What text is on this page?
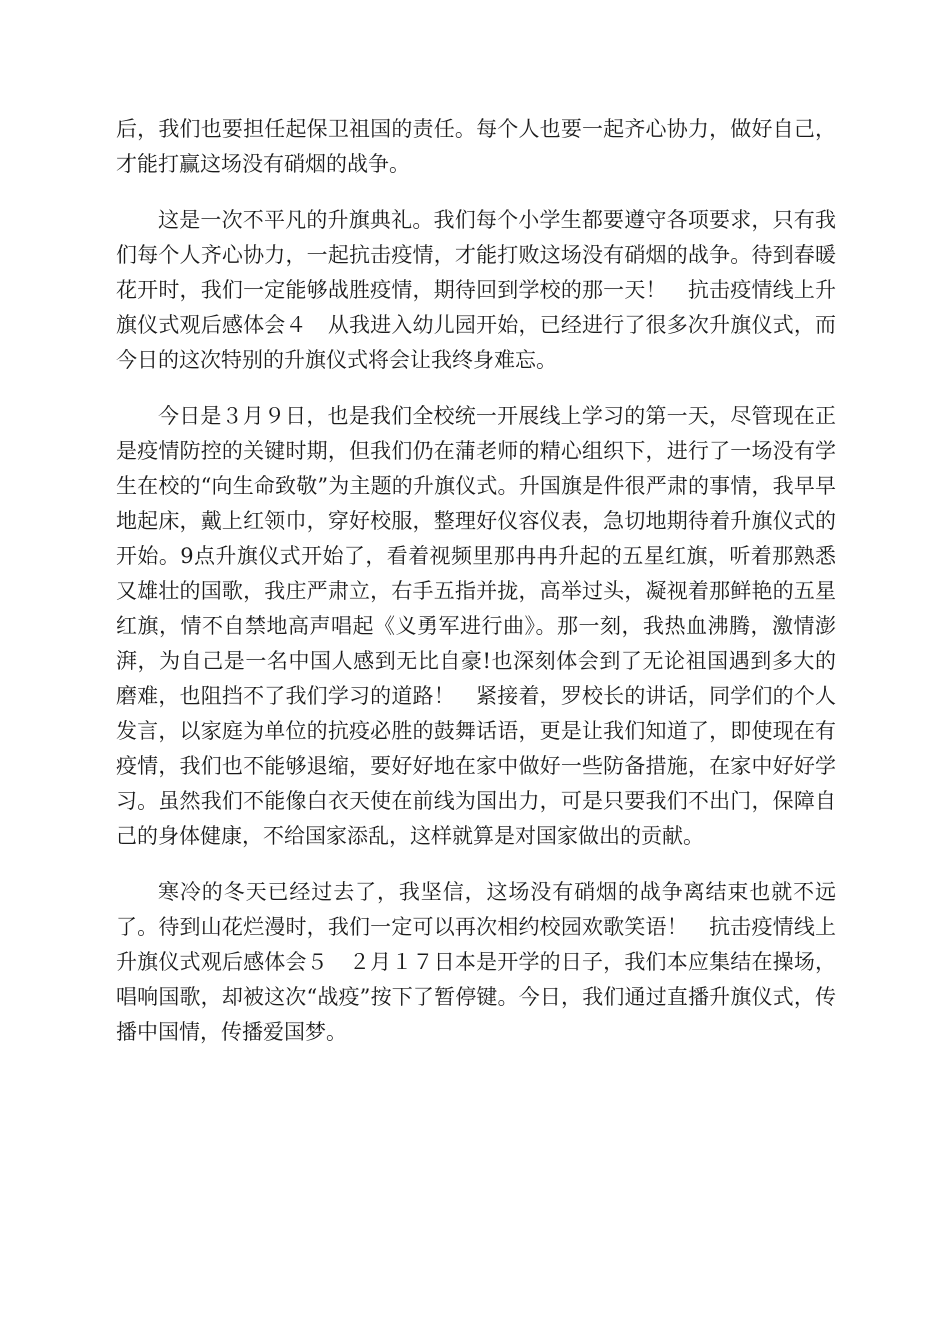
后，我们也要担任起保卫祖国的责任。每个人也要一起齐心协力，做好自己，才能打赢这场没有硝烟的战争。

这是一次不平凡的升旗典礼。我们每个小学生都要遵守各项要求，只有我们每个人齐心协力，一起抗击疫情，才能打败这场没有硝烟的战争。待到春暖花开时，我们一定能够战胜疫情，期待回到学校的那一天！　抗击疫情线上升旗仪式观后感体会４　从我进入幼儿园开始，已经进行了很多次升旗仪式，而今日的这次特别的升旗仪式将会让我终身难忘。

今日是３月９日，也是我们全校统一开展线上学习的第一天，尽管现在正是疫情防控的关键时期，但我们仍在蒲老师的精心组织下，进行了一场没有学生在校的“向生命致敬”为主题的升旗仪式。升国旗是件很严肃的事情，我早早地起床，戴上红领巾，穿好校服，整理好仪容仪表，急切地期待着升旗仪式的开始。9点升旗仪式开始了，看着视频里那冉冉升起的五星红旗，听着那熟悉又雄壮的国歌，我庄严肃立，右手五指并拢，高举过头，凝视着那鲜艳的五星红旗，情不自禁地高声唱起《义勇军进行曲》。那一刻，我热血沸腾，激情澎湃，为自己是一名中国人感到无比自豪!也深刻体会到了无论祖国遇到多大的磨难，也阻挡不了我们学习的道路！　紧接着，罗校长的讲话，同学们的个人发言，以家庭为单位的抗疫必胜的鼓舞话语，更是让我们知道了，即使现在有疫情，我们也不能够退缩，要好好地在家中做好一些防备措施，在家中好好学习。虽然我们不能像白衣天使在前线为国出力，可是只要我们不出门，保障自己的身体健康，不给国家添乱，这样就算是对国家做出的贡献。

寒冷的冬天已经过去了，我坚信，这场没有硝烟的战争离结束也就不远了。待到山花烂漫时，我们一定可以再次相约校园欢歌笑语！　抗击疫情线上升旗仪式观后感体会５　２月１７日本是开学的日子，我们本应集结在操场，唱响国歌，却被这次“战疫”按下了暂停键。今日，我们通过直播升旗仪式，传播中国情，传播爱国梦。
